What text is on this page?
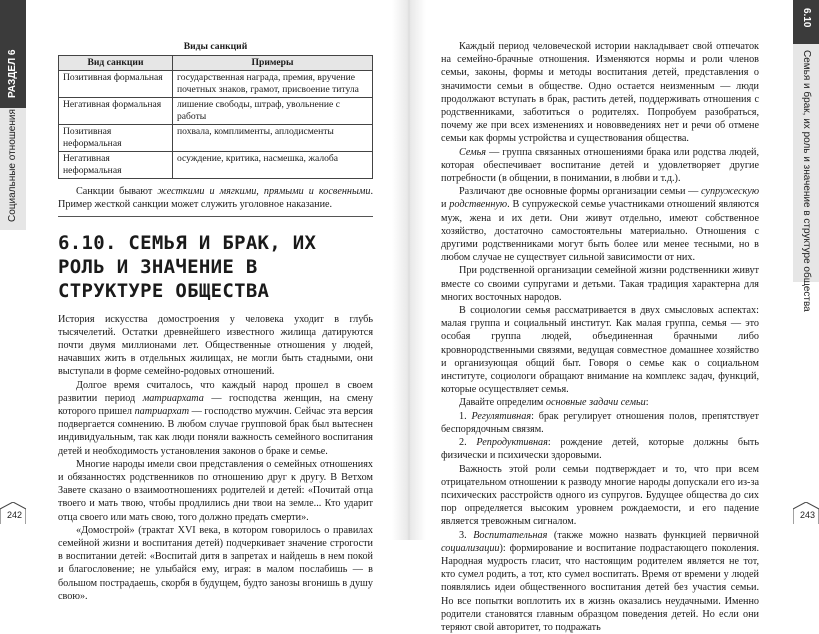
РАЗДЕЛ 6
Социальные отношения
242
6.10
Семья и брак, их роль и значение в структуре общества
243
Виды санкций
Вид санкции	Примеры
Позитивная формальная	государственная награда, премия, вручение почетных знаков, грамот, присвоение титула
Негативная формальная	лишение свободы, штраф, увольнение с работы
Позитивная неформальная	похвала, комплименты, аплодисменты
Негативная неформальная	осуждение, критика, насмешка, жалоба

Санкции бывают жесткими и мягкими, прямыми и косвенными. Пример жесткой санкции может служить уголовное наказание.

6.10. СЕМЬЯ И БРАК, ИХ РОЛЬ И ЗНАЧЕНИЕ В СТРУКТУРЕ ОБЩЕСТВА

История искусства домостроения у человека уходит в глубь тысячелетий. Остатки древнейшего известного жилища датируются почти двумя миллионами лет. Общественные отношения у людей, начавших жить в отдельных жилищах, не могли быть стадными, они выступали в форме семейно-родовых отношений.

Долгое время считалось, что каждый народ прошел в своем развитии период матриархата — господства женщин, на смену которого пришел патриархат — господство мужчин. Сейчас эта версия подвергается сомнению. В любом случае групповой брак был вытеснен индивидуальным, так как люди поняли важность семейного воспитания детей и необходимость установления законов о браке и семье.

Многие народы имели свои представления о семейных отношениях и обязанностях родственников по отношению друг к другу. В Ветхом Завете сказано о взаимоотношениях родителей и детей: «Почитай отца твоего и мать твою, чтобы продлились дни твои на земле... Кто ударит отца своего или мать свою, того должно предать смерти».

«Домострой» (трактат XVI века, в котором говорилось о правилах семейной жизни и воспитания детей) подчеркивает значение строгости в воспитании детей: «Воспитай дитя в запретах и найдешь в нем покой и благословение; не улыбайся ему, играя: в малом послабишь — в большом пострадаешь, скорбя в будущем, будто занозы вгонишь в душу свою».

Каждый период человеческой истории накладывает свой отпечаток на семейно-брачные отношения. Изменяются нормы и роли членов семьи, законы, формы и методы воспитания детей, представления о значимости семьи в обществе. Одно остается неизменным — люди продолжают вступать в брак, растить детей, поддерживать отношения с родственниками, заботиться о родителях. Попробуем разобраться, почему же при всех изменениях и нововведениях нет и речи об отмене семьи как формы устройства и существования общества.

Семья — группа связанных отношениями брака или родства людей, которая обеспечивает воспитание детей и удовлетворяет другие потребности (в общении, в понимании, в любви и т.д.).

Различают две основные формы организации семьи — супружескую и родственную. В супружеской семье участниками отношений являются муж, жена и их дети. Они живут отдельно, имеют собственное хозяйство, достаточно самостоятельны материально. Отношения с другими родственниками могут быть более или менее тесными, но в любом случае не существует сильной зависимости от них.

При родственной организации семейной жизни родственники живут вместе со своими супругами и детьми. Такая традиция характерна для многих восточных народов.

В социологии семья рассматривается в двух смысловых аспектах: малая группа и социальный институт. Как малая группа, семья — это особая группа людей, объединенная брачными либо кровнородственными связями, ведущая совместное домашнее хозяйство и организующая общий быт. Говоря о семье как о социальном институте, социологи обращают внимание на комплекс задач, функций, которые осуществляет семья.

Давайте определим основные задачи семьи:

1. Регулятивная: брак регулирует отношения полов, препятствует беспорядочным связям.

2. Репродуктивная: рождение детей, которые должны быть физически и психически здоровыми.

Важность этой роли семьи подтверждает и то, что при всем отрицательном отношении к разводу многие народы допускали его из-за психических расстройств одного из супругов. Будущее общества до сих пор определяется высоким уровнем рождаемости, и его падение является тревожным сигналом.

3. Воспитательная (также можно назвать функцией первичной социализации): формирование и воспитание подрастающего поколения. Народная мудрость гласит, что настоящим родителем является не тот, кто сумел родить, а тот, кто сумел воспитать. Время от времени у людей появлялись идеи общественного воспитания детей без участия семьи. Но все попытки воплотить их в жизнь оказались неудачными. Именно родители становятся главным образцом поведения детей. Но если они теряют свой авторитет, то подражать
